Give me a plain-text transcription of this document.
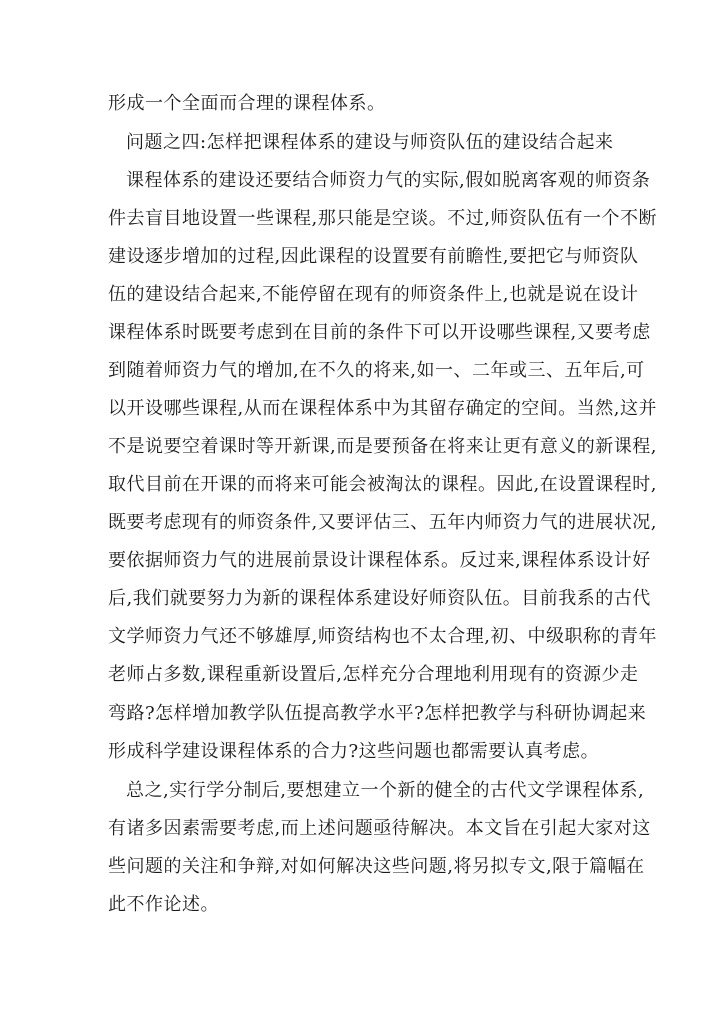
形成一个全面而合理的课程体系。
问题之四:怎样把课程体系的建设与师资队伍的建设结合起来
课程体系的建设还要结合师资力气的实际,假如脱离客观的师资条
件去盲目地设置一些课程,那只能是空谈。不过,师资队伍有一个不断
建设逐步增加的过程,因此课程的设置要有前瞻性,要把它与师资队
伍的建设结合起来,不能停留在现有的师资条件上,也就是说在设计
课程体系时既要考虑到在目前的条件下可以开设哪些课程,又要考虑
到随着师资力气的增加,在不久的将来,如一、二年或三、五年后,可
以开设哪些课程,从而在课程体系中为其留存确定的空间。当然,这并
不是说要空着课时等开新课,而是要预备在将来让更有意义的新课程,
取代目前在开课的而将来可能会被淘汰的课程。因此,在设置课程时,
既要考虑现有的师资条件,又要评估三、五年内师资力气的进展状况,
要依据师资力气的进展前景设计课程体系。反过来,课程体系设计好
后,我们就要努力为新的课程体系建设好师资队伍。目前我系的古代
文学师资力气还不够雄厚,师资结构也不太合理,初、中级职称的青年
老师占多数,课程重新设置后,怎样充分合理地利用现有的资源少走
弯路?怎样增加教学队伍提高教学水平?怎样把教学与科研协调起来
形成科学建设课程体系的合力?这些问题也都需要认真考虑。
总之,实行学分制后,要想建立一个新的健全的古代文学课程体系,
有诸多因素需要考虑,而上述问题亟待解决。本文旨在引起大家对这
些问题的关注和争辩,对如何解决这些问题,将另拟专文,限于篇幅在
此不作论述。
